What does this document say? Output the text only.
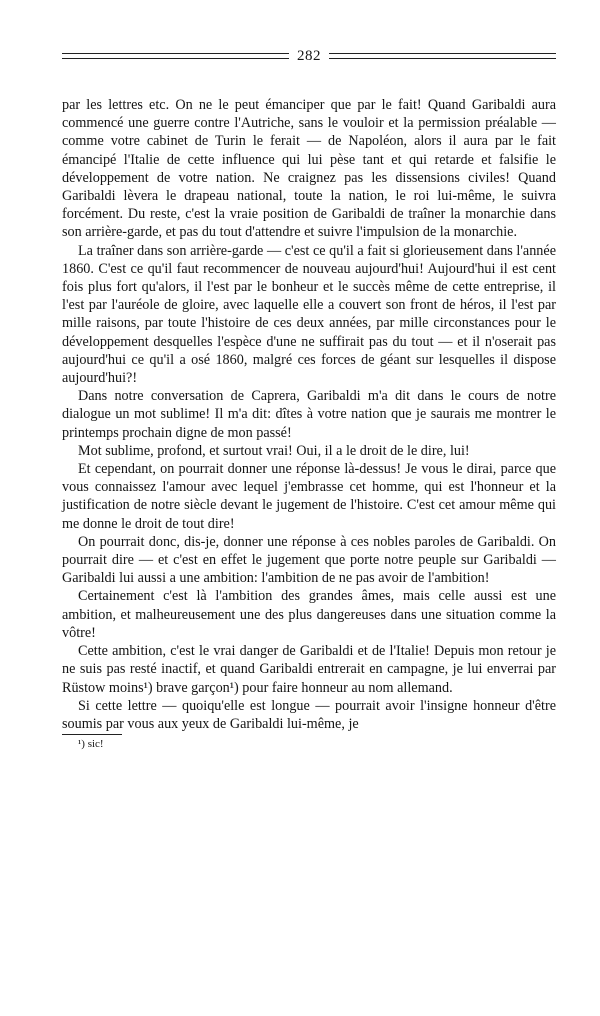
282

par les lettres etc. On ne le peut émanciper que par le fait! Quand Garibaldi aura commencé une guerre contre l'Autriche, sans le vouloir et la permission préalable — comme votre cabinet de Turin le ferait — de Napoléon, alors il aura par le fait émancipé l'Italie de cette influence qui lui pèse tant et qui retarde et falsifie le développement de votre nation. Ne craignez pas les dissensions civiles! Quand Garibaldi lèvera le drapeau national, toute la nation, le roi lui-même, le suivra forcément. Du reste, c'est la vraie position de Garibaldi de traîner la monarchie dans son arrière-garde, et pas du tout d'attendre et suivre l'impulsion de la monarchie.

La traîner dans son arrière-garde — c'est ce qu'il a fait si glorieusement dans l'année 1860. C'est ce qu'il faut recommencer de nouveau aujourd'hui! Aujourd'hui il est cent fois plus fort qu'alors, il l'est par le bonheur et le succès même de cette entreprise, il l'est par l'auréole de gloire, avec laquelle elle a couvert son front de héros, il l'est par mille raisons, par toute l'histoire de ces deux années, par mille circonstances pour le développement desquelles l'espèce d'une ne suffirait pas du tout — et il n'oserait pas aujourd'hui ce qu'il a osé 1860, malgré ces forces de géant sur lesquelles il dispose aujourd'hui?!

Dans notre conversation de Caprera, Garibaldi m'a dit dans le cours de notre dialogue un mot sublime! Il m'a dit: dîtes à votre nation que je saurais me montrer le printemps prochain digne de mon passé!

Mot sublime, profond, et surtout vrai! Oui, il a le droit de le dire, lui!

Et cependant, on pourrait donner une réponse là-dessus! Je vous le dirai, parce que vous connaissez l'amour avec lequel j'embrasse cet homme, qui est l'honneur et la justification de notre siècle devant le jugement de l'histoire. C'est cet amour même qui me donne le droit de tout dire!

On pourrait donc, dis-je, donner une réponse à ces nobles paroles de Garibaldi. On pourrait dire — et c'est en effet le jugement que porte notre peuple sur Garibaldi — Garibaldi lui aussi a une ambition: l'ambition de ne pas avoir de l'ambition!

Certainement c'est là l'ambition des grandes âmes, mais celle aussi est une ambition, et malheureusement une des plus dangereuses dans une situation comme la vôtre!

Cette ambition, c'est le vrai danger de Garibaldi et de l'Italie! Depuis mon retour je ne suis pas resté inactif, et quand Garibaldi entrerait en campagne, je lui enverrai par Rüstow moins¹) brave garçon¹) pour faire honneur au nom allemand.

Si cette lettre — quoiqu'elle est longue — pourrait avoir l'insigne honneur d'être soumis par vous aux yeux de Garibaldi lui-même, je

¹) sic!
